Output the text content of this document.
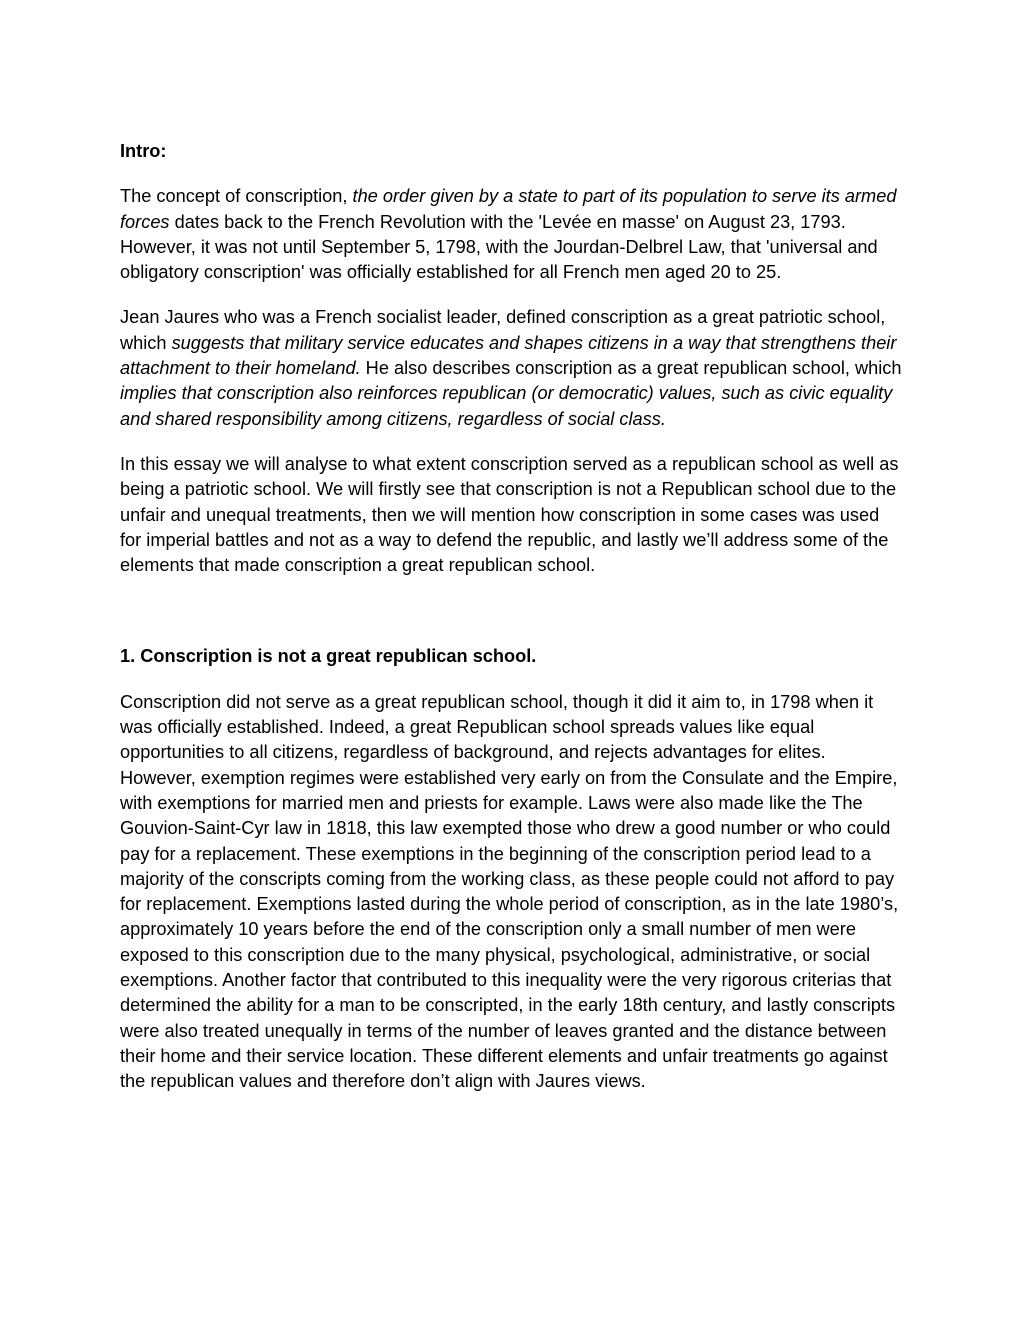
Intro:

The concept of conscription, the order given by a state to part of its population to serve its armed forces dates back to the French Revolution with the 'Levée en masse' on August 23, 1793. However, it was not until September 5, 1798, with the Jourdan-Delbrel Law, that 'universal and obligatory conscription' was officially established for all French men aged 20 to 25.

Jean Jaures who was a French socialist leader, defined conscription as a great patriotic school, which suggests that military service educates and shapes citizens in a way that strengthens their attachment to their homeland. He also describes conscription as a great republican school, which implies that conscription also reinforces republican (or democratic) values, such as civic equality and shared responsibility among citizens, regardless of social class.

In this essay we will analyse to what extent conscription served as a republican school as well as being a patriotic school. We will firstly see that conscription is not a Republican school due to the unfair and unequal treatments, then we will mention how conscription in some cases was used for imperial battles and not as a way to defend the republic, and lastly we’ll address some of the elements that made conscription a great republican school.

1. Conscription is not a great republican school.

Conscription did not serve as a great republican school, though it did it aim to, in 1798 when it was officially established. Indeed, a great Republican school spreads values like equal opportunities to all citizens, regardless of background, and rejects advantages for elites. However, exemption regimes were established very early on from the Consulate and the Empire, with exemptions for married men and priests for example. Laws were also made like the The Gouvion-Saint-Cyr law in 1818, this law exempted those who drew a good number or who could pay for a replacement. These exemptions in the beginning of the conscription period lead to a majority of the conscripts coming from the working class, as these people could not afford to pay for replacement. Exemptions lasted during the whole period of conscription, as in the late 1980’s, approximately 10 years before the end of the conscription only a small number of men were exposed to this conscription due to the many physical, psychological, administrative, or social exemptions. Another factor that contributed to this inequality were the very rigorous criterias that determined the ability for a man to be conscripted, in the early 18th century, and lastly conscripts were also treated unequally in terms of the number of leaves granted and the distance between their home and their service location. These different elements and unfair treatments go against the republican values and therefore don’t align with Jaures views.
